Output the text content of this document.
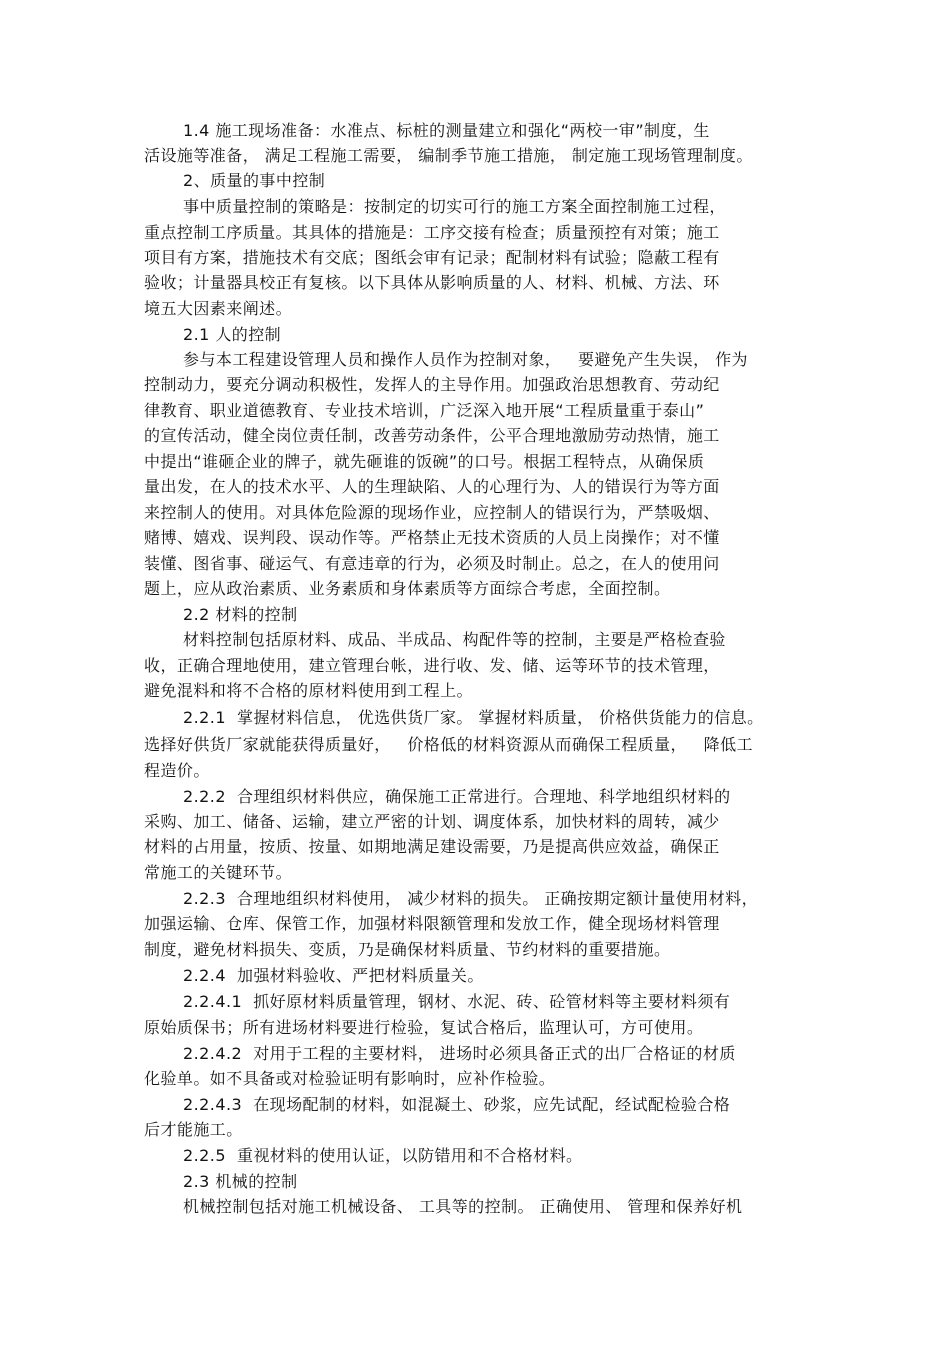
1.4 施工现场准备：水准点、标桩的测量建立和强化“两校一审”制度，生

活设施等准备， 满足工程施工需要， 编制季节施工措施， 制定施工现场管理制度。

2、质量的事中控制

事中质量控制的策略是：按制定的切实可行的施工方案全面控制施工过程，

重点控制工序质量。其具体的措施是：工序交接有检查；质量预控有对策；施工

项目有方案，措施技术有交底；图纸会审有记录；配制材料有试验；隐蔽工程有

验收；计量器具校正有复核。以下具体从影响质量的人、材料、机械、方法、环

境五大因素来阐述。

2.1 人的控制

参与本工程建设管理人员和操作人员作为控制对象，   要避免产生失误， 作为

控制动力，要充分调动积极性，发挥人的主导作用。加强政治思想教育、劳动纪

律教育、职业道德教育、专业技术培训，广泛深入地开展“工程质量重于泰山”

的宣传活动，健全岗位责任制，改善劳动条件，公平合理地激励劳动热情，施工

中提出“谁砸企业的牌子，就先砸谁的饭碗”的口号。根据工程特点，从确保质

量出发，在人的技术水平、人的生理缺陷、人的心理行为、人的错误行为等方面

来控制人的使用。对具体危险源的现场作业，应控制人的错误行为，严禁吸烟、

赌博、嬉戏、误判段、误动作等。严格禁止无技术资质的人员上岗操作；对不懂

装懂、图省事、碰运气、有意违章的行为，必须及时制止。总之，在人的使用问

题上，应从政治素质、业务素质和身体素质等方面综合考虑，全面控制。

2.2 材料的控制

材料控制包括原材料、成品、半成品、构配件等的控制，主要是严格检查验

收，正确合理地使用，建立管理台帐，进行收、发、储、运等环节的技术管理，

避免混料和将不合格的原材料使用到工程上。

2.2.1  掌握材料信息， 优选供货厂家。 掌握材料质量， 价格供货能力的信息。

选择好供货厂家就能获得质量好，   价格低的材料资源从而确保工程质量，   降低工

程造价。

2.2.2  合理组织材料供应，确保施工正常进行。合理地、科学地组织材料的

采购、加工、储备、运输，建立严密的计划、调度体系，加快材料的周转，减少

材料的占用量，按质、按量、如期地满足建设需要，乃是提高供应效益，确保正

常施工的关键环节。

2.2.3  合理地组织材料使用， 减少材料的损失。 正确按期定额计量使用材料，

加强运输、仓库、保管工作，加强材料限额管理和发放工作，健全现场材料管理

制度，避免材料损失、变质，乃是确保材料质量、节约材料的重要措施。

2.2.4  加强材料验收、严把材料质量关。

2.2.4.1  抓好原材料质量管理，钢材、水泥、砖、砼管材料等主要材料须有

原始质保书；所有进场材料要进行检验，复试合格后，监理认可，方可使用。

2.2.4.2  对用于工程的主要材料， 进场时必须具备正式的出厂合格证的材质

化验单。如不具备或对检验证明有影响时，应补作检验。

2.2.4.3  在现场配制的材料，如混凝土、砂浆，应先试配，经试配检验合格

后才能施工。

2.2.5  重视材料的使用认证，以防错用和不合格材料。

2.3 机械的控制

机械控制包括对施工机械设备、 工具等的控制。 正确使用、 管理和保养好机
